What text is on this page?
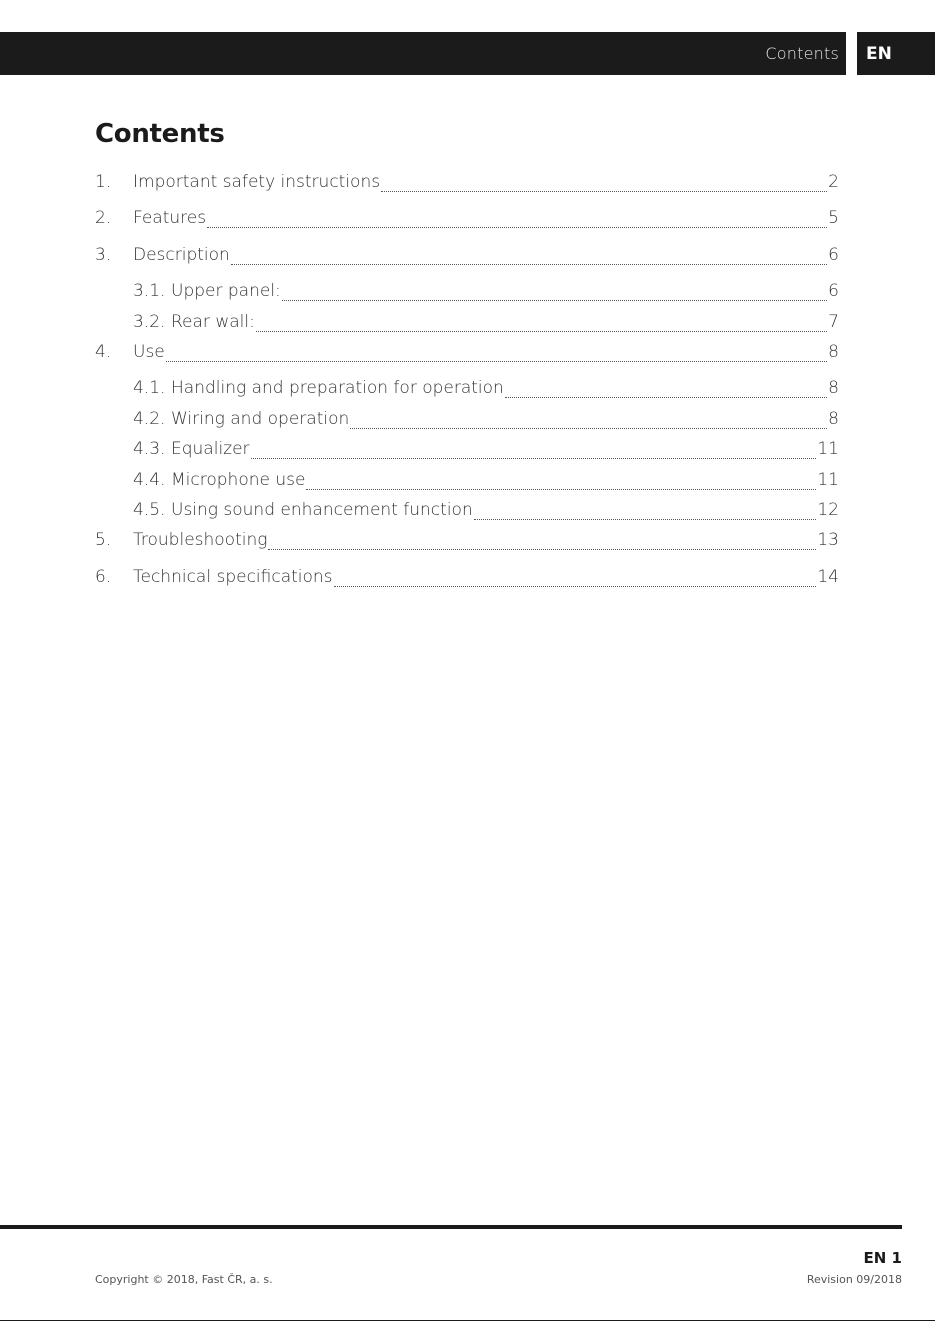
Contents	EN
Contents
1.	Important safety instructions	2
2.	Features	5
3.	Description	6
3.1. Upper panel:	6
3.2. Rear wall:	7
4.	Use	8
4.1. Handling and preparation for operation	8
4.2. Wiring and operation	8
4.3. Equalizer	11
4.4. Microphone use	11
4.5. Using sound enhancement function	12
5.	Troubleshooting	13
6.	Technical specifications	14
EN 1
Copyright © 2018, Fast ČR, a. s.	Revision 09/2018
